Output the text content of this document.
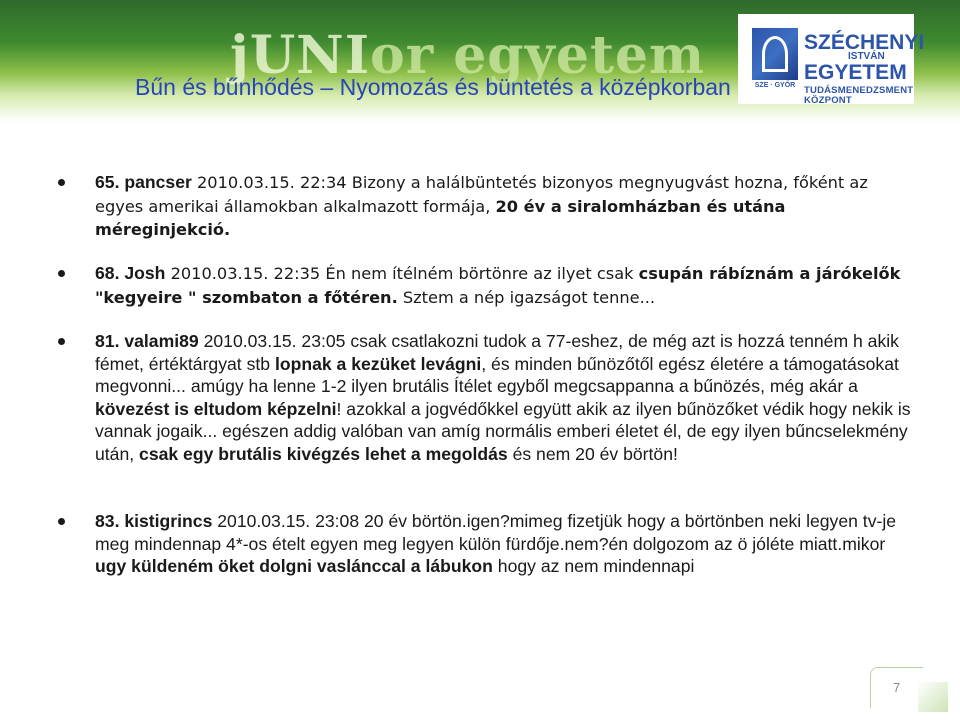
jUNIor egyetem
Bűn és bűnhődés – Nyomozás és büntetés a középkorban	SZE · GYŐR
SZÉCHENYI
ISTVÁN
EGYETEM
TUDÁSMENEDZSMENT KÖZPONT
65. pancser 2010.03.15. 22:34 Bizony a halálbüntetés bizonyos megnyugvást hozna, főként az egyes amerikai államokban alkalmazott formája, 20 év a siralomházban és utána méreginjekció.
68. Josh 2010.03.15. 22:35 Én nem ítélném börtönre az ilyet csak csupán rábíznám a járókelők "kegyeire " szombaton a főtéren. Sztem a nép igazságot tenne...
81. valami89 2010.03.15. 23:05 csak csatlakozni tudok a 77-eshez, de még azt is hozzá tenném h akik fémet, értéktárgyat stb lopnak a kezüket levágni, és minden bűnözőtől egész életére a támogatásokat megvonni... amúgy ha lenne 1-2 ilyen brutális Ítélet egyből megcsappanna a bűnözés, még akár a kövezést is eltudom képzelni! azokkal a jogvédőkkel együtt akik az ilyen bűnözőket védik hogy nekik is vannak jogaik... egészen addig valóban van amíg normális emberi életet él, de egy ilyen bűncselekmény után, csak egy brutális kivégzés lehet a megoldás és nem 20 év börtön!
83. kistigrincs 2010.03.15. 23:08 20 év börtön.igen?mimeg fizetjük hogy a börtönben neki legyen tv-je meg mindennap 4*-os ételt egyen meg legyen külön fürdője.nem?én dolgozom az ö jóléte miatt.mikor ugy küldeném öket dolgni vaslánccal a lábukon hogy az nem mindennapi
7
